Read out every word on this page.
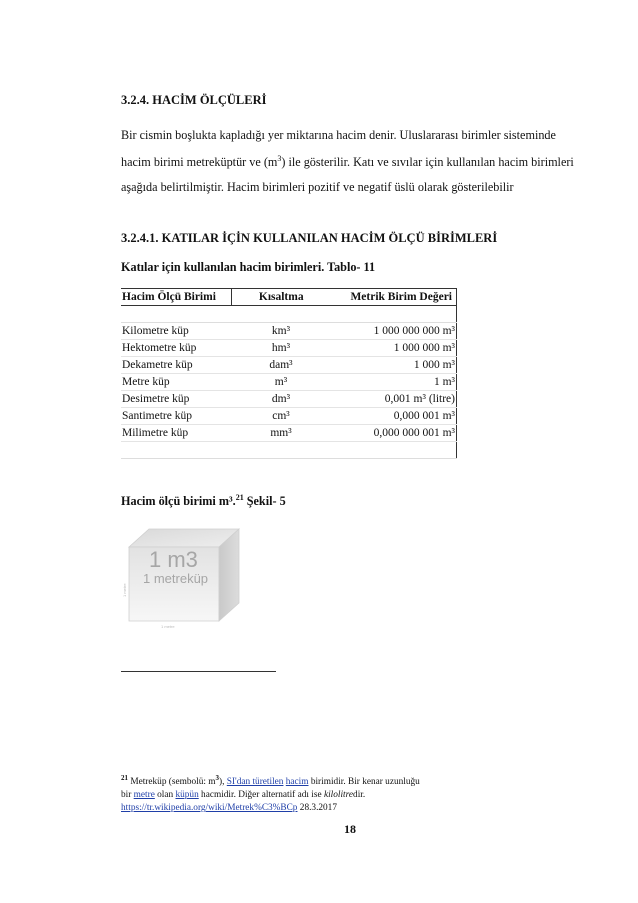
3.2.4. HACİM ÖLÇÜLERİ
Bir cismin boşlukta kapladığı yer miktarına hacim denir. Uluslararası birimler sisteminde hacim birimi metreküptür ve $(m^3)$ ile gösterilir. Katı ve sıvılar için kullanılan hacim birimleri aşağıda belirtilmiştir. Hacim birimleri pozitif ve negatif üslü olarak gösterilebilir
3.2.4.1. KATILAR İÇİN KULLANILAN HACİM ÖLÇÜ BİRİMLERİ
Katılar için kullanılan hacim birimleri. Tablo- 11
Hacim Ölçü Birimi	Kısaltma	Metrik Birim Değeri

Kilometre küp	km³	1 000 000 000 m³
Hektometre küp	hm³	1 000 000 m³
Dekametre küp	dam³	1 000 m³
Metre küp	m³	1 m³
Desimetre küp	dm³	0,001 m³ (litre)
Santimetre küp	cm³	0,000 001 m³
Milimetre küp	mm³	0,000 000 001 m³

Hacim ölçü birimi m³.$^{21}$ Şekil- 5
1 m3
1 metreküp
1 metre
1 metre
$^{21}$ Metreküp (sembolü: $m^3$), SI'dan türetilen hacim birimidir. Bir kenar uzunluğu
bir metre olan küpün hacmidir. Diğer alternatif adı ise kilolitredir.
https://tr.wikipedia.org/wiki/Metrek%C3%BCp 28.3.2017
18
